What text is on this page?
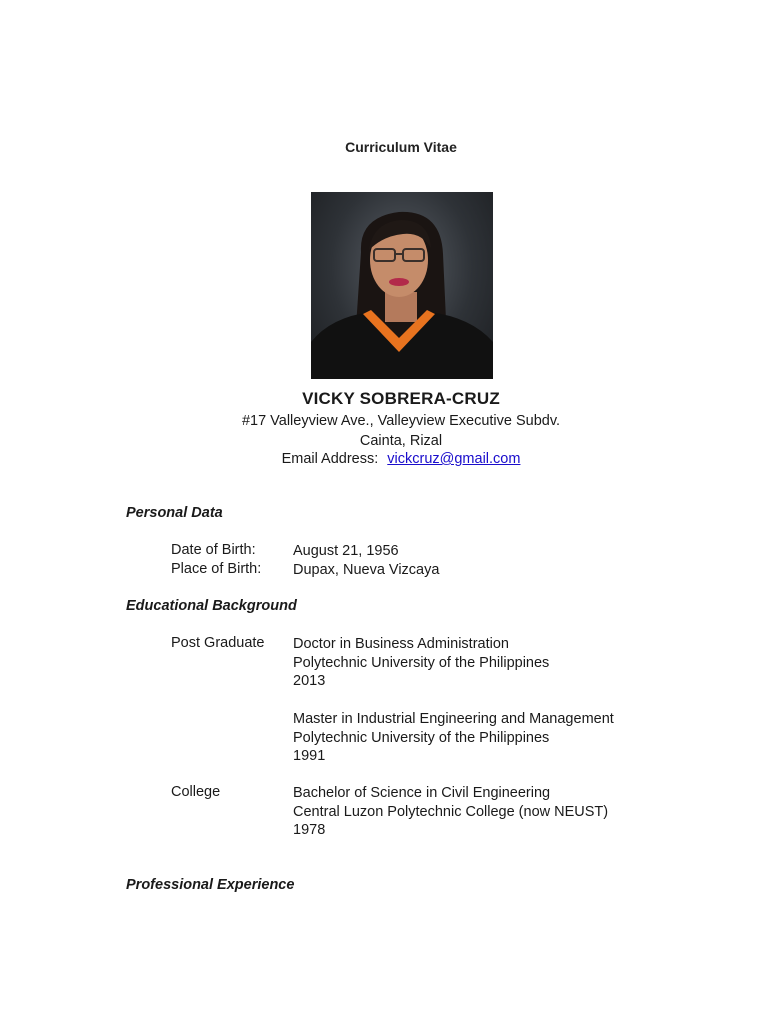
Curriculum Vitae
VICKY SOBRERA-CRUZ
#17 Valleyview Ave., Valleyview Executive Subdv.
Cainta, Rizal
Email Address: vickcruz@gmail.com
Personal Data
Date of Birth:	August 21, 1956
Place of Birth: Dupax, Nueva Vizcaya
Educational Background
Post Graduate Doctor in Business Administration
Polytechnic University of the Philippines
2013
Master in Industrial Engineering and Management
Polytechnic University of the Philippines
1991
College	Bachelor of Science in Civil Engineering
Central Luzon Polytechnic College (now NEUST)
1978
Professional Experience
